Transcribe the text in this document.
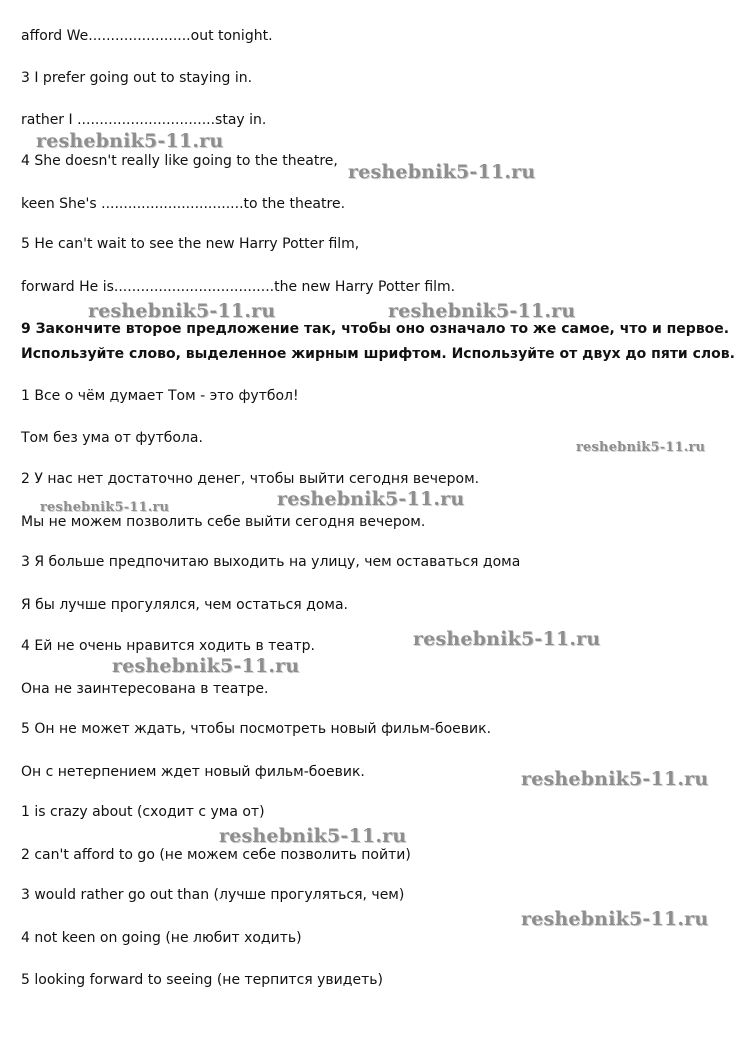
afford We.......................out tonight.
3 I prefer going out to staying in.
rather I ...............................stay in.
4 She doesn't really like going to the theatre,
keen She's ................................to the theatre.
5 He can't wait to see the new Harry Potter film,
forward He is....................................the new Harry Potter film.
9 Закончите второе предложение так, чтобы оно означало то же самое, что и первое.
Используйте слово, выделенное жирным шрифтом. Используйте от двух до пяти слов.
1 Все о чём думает Том - это футбол!
Том без ума от футбола.
2 У нас нет достаточно денег, чтобы выйти сегодня вечером.
Мы не можем позволить себе выйти сегодня вечером.
3 Я больше предпочитаю выходить на улицу, чем оставаться дома
Я бы лучше прогулялся, чем остаться дома.
4 Ей не очень нравится ходить в театр.
Она не заинтересована в театре.
5 Он не может ждать, чтобы посмотреть новый фильм-боевик.
Он с нетерпением ждет новый фильм-боевик.
1 is crazy about (сходит с ума от)
2 can't afford to go (не можем себе позволить пойти)
3 would rather go out than (лучше прогуляться, чем)
4 not keen on going (не любит ходить)
5 looking forward to seeing (не терпится увидеть)
reshebnik5-11.ru
reshebnik5-11.ru
reshebnik5-11.ru	reshebnik5-11.ru
reshebnik5-11.ru
reshebnik5-11.ru
reshebnik5-11.ru
reshebnik5-11.ru
reshebnik5-11.ru
reshebnik5-11.ru
reshebnik5-11.ru
reshebnik5-11.ru
